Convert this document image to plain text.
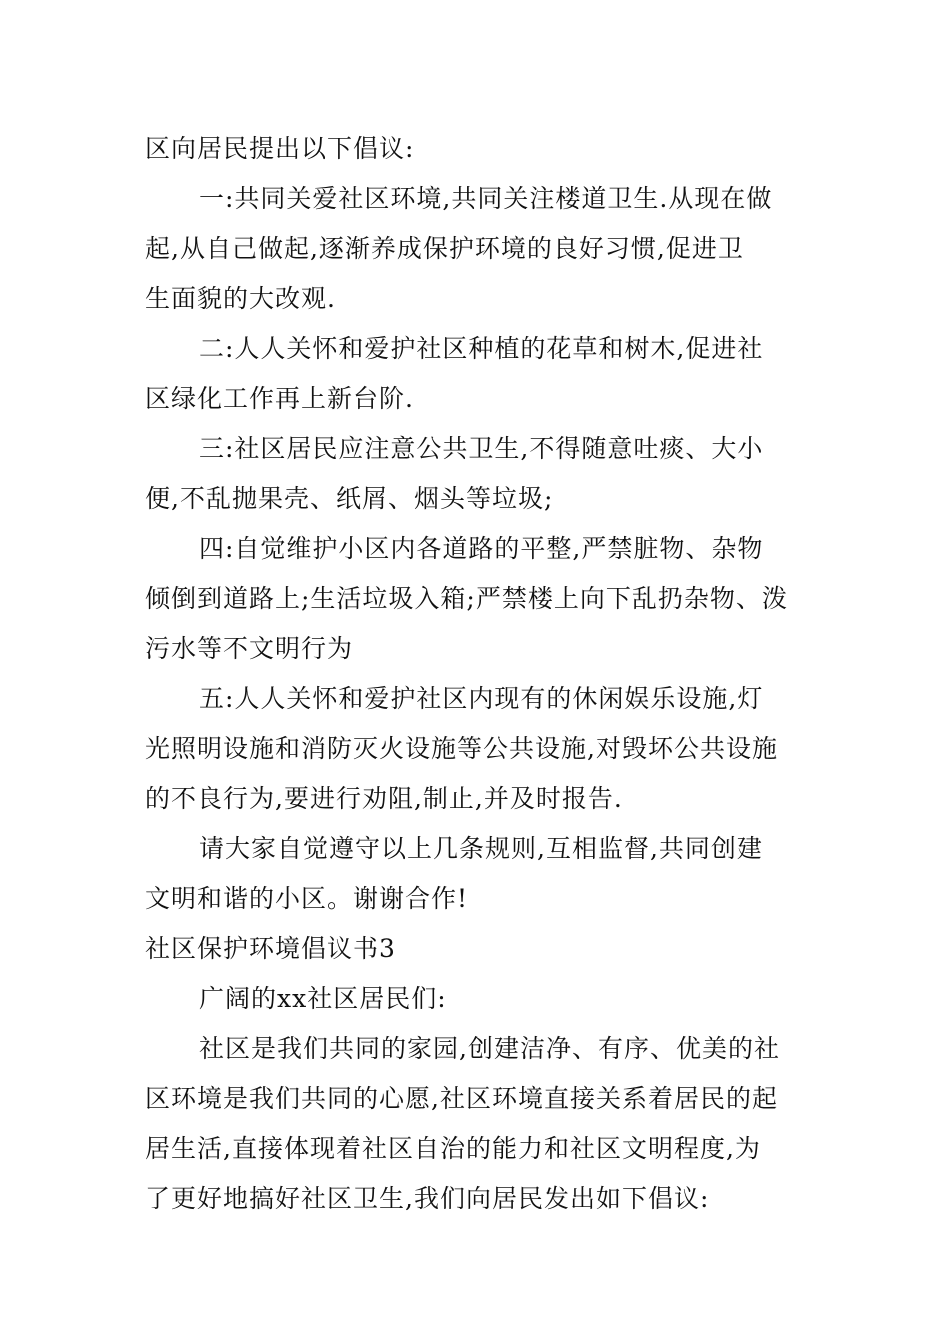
区向居民提出以下倡议:
一:共同关爱社区环境,共同关注楼道卫生.从现在做
起,从自己做起,逐渐养成保护环境的良好习惯,促进卫
生面貌的大改观.
二:人人关怀和爱护社区种植的花草和树木,促进社
区绿化工作再上新台阶.
三:社区居民应注意公共卫生,不得随意吐痰、大小
便,不乱抛果壳、纸屑、烟头等垃圾;
四:自觉维护小区内各道路的平整,严禁脏物、杂物
倾倒到道路上;生活垃圾入箱;严禁楼上向下乱扔杂物、泼
污水等不文明行为
五:人人关怀和爱护社区内现有的休闲娱乐设施,灯
光照明设施和消防灭火设施等公共设施,对毁坏公共设施
的不良行为,要进行劝阻,制止,并及时报告.
请大家自觉遵守以上几条规则,互相监督,共同创建
文明和谐的小区。谢谢合作!
社区保护环境倡议书3
广阔的xx社区居民们:
社区是我们共同的家园,创建洁净、有序、优美的社
区环境是我们共同的心愿,社区环境直接关系着居民的起
居生活,直接体现着社区自治的能力和社区文明程度,为
了更好地搞好社区卫生,我们向居民发出如下倡议:
